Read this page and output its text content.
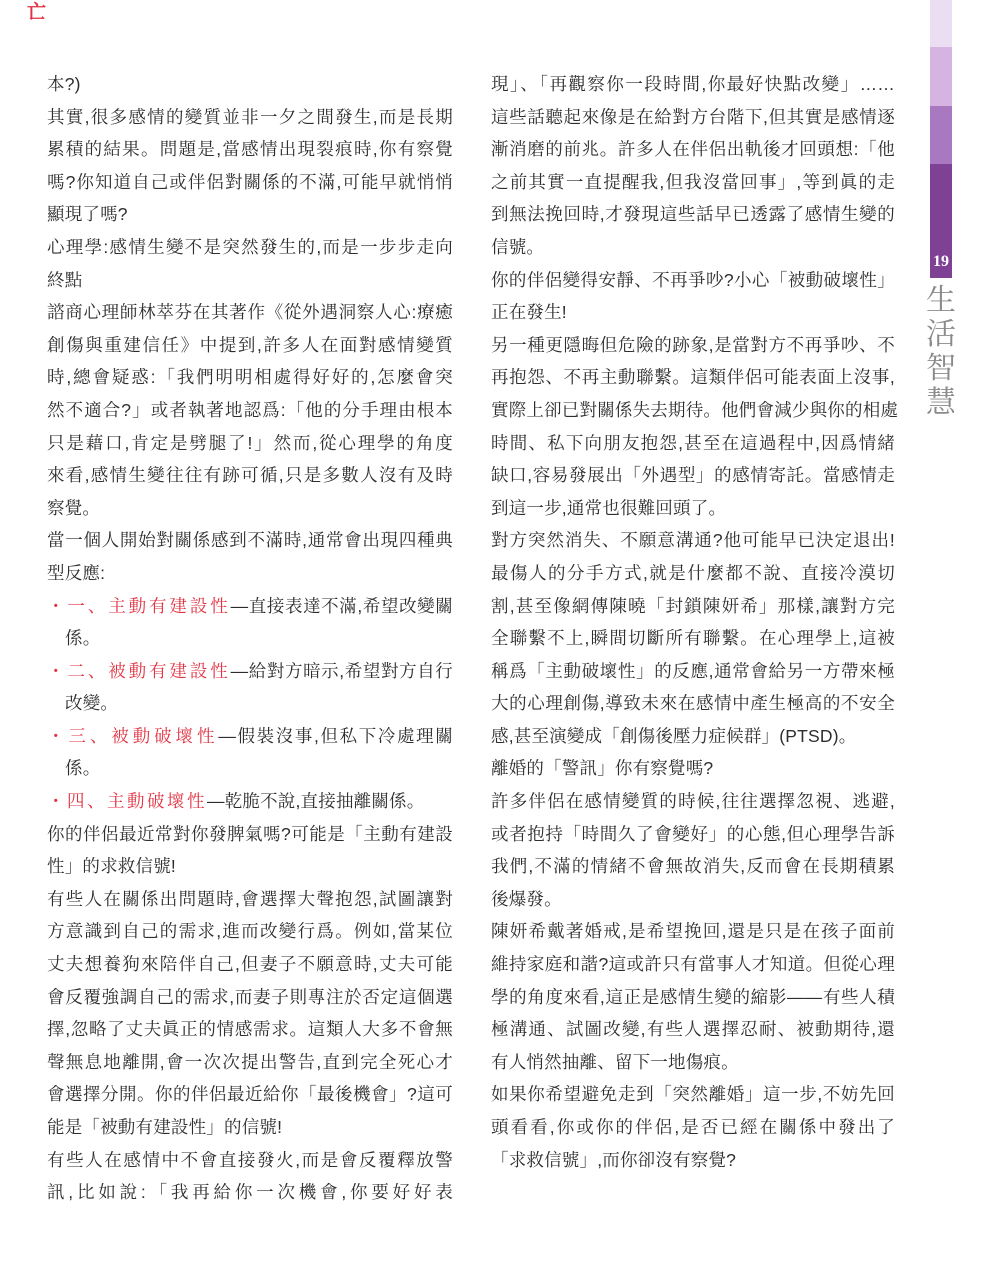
亡
本?)
其實,很多感情的變質並非一夕之間發生,而是長期
累積的結果。問題是,當感情出現裂痕時,你有察覺
嗎?你知道自己或伴侶對關係的不滿,可能早就悄悄
顯現了嗎?
心理學:感情生變不是突然發生的,而是一步步走向
終點
諮商心理師林萃芬在其著作《從外遇洞察人心:療癒
創傷與重建信任》中提到,許多人在面對感情變質
時,總會疑惑:「我們明明相處得好好的,怎麼會突
然不適合?」或者執著地認爲:「他的分手理由根本
只是藉口,肯定是劈腿了!」然而,從心理學的角度
來看,感情生變往往有跡可循,只是多數人沒有及時
察覺。
當一個人開始對關係感到不滿時,通常會出現四種典
型反應:
・一、主動有建設性—直接表達不滿,希望改變關
係。
・二、被動有建設性—給對方暗示,希望對方自行
改變。
・三、被動破壞性—假裝沒事,但私下冷處理關
係。
・四、主動破壞性—乾脆不說,直接抽離關係。
你的伴侶最近常對你發脾氣嗎?可能是「主動有建設
性」的求救信號!
有些人在關係出問題時,會選擇大聲抱怨,試圖讓對
方意識到自己的需求,進而改變行爲。例如,當某位
丈夫想養狗來陪伴自己,但妻子不願意時,丈夫可能
會反覆強調自己的需求,而妻子則專注於否定這個選
擇,忽略了丈夫眞正的情感需求。這類人大多不會無
聲無息地離開,會一次次提出警告,直到完全死心才
會選擇分開。你的伴侶最近給你「最後機會」?這可
能是「被動有建設性」的信號!
有些人在感情中不會直接發火,而是會反覆釋放警
訊,比如說:「我再給你一次機會,你要好好表
現」、「再觀察你一段時間,你最好快點改變」……
這些話聽起來像是在給對方台階下,但其實是感情逐
漸消磨的前兆。許多人在伴侶出軌後才回頭想:「他
之前其實一直提醒我,但我沒當回事」,等到眞的走
到無法挽回時,才發現這些話早已透露了感情生變的
信號。
你的伴侶變得安靜、不再爭吵?小心「被動破壞性」
正在發生!
另一種更隱晦但危險的跡象,是當對方不再爭吵、不
再抱怨、不再主動聯繫。這類伴侶可能表面上沒事,
實際上卻已對關係失去期待。他們會減少與你的相處
時間、私下向朋友抱怨,甚至在這過程中,因爲情緒
缺口,容易發展出「外遇型」的感情寄託。當感情走
到這一步,通常也很難回頭了。
對方突然消失、不願意溝通?他可能早已決定退出!
最傷人的分手方式,就是什麼都不說、直接冷漠切
割,甚至像網傳陳曉「封鎖陳妍希」那樣,讓對方完
全聯繫不上,瞬間切斷所有聯繫。在心理學上,這被
稱爲「主動破壞性」的反應,通常會給另一方帶來極
大的心理創傷,導致未來在感情中產生極高的不安全
感,甚至演變成「創傷後壓力症候群」(PTSD)。
離婚的「警訊」你有察覺嗎?
許多伴侶在感情變質的時候,往往選擇忽視、逃避,
或者抱持「時間久了會變好」的心態,但心理學告訴
我們,不滿的情緒不會無故消失,反而會在長期積累
後爆發。
陳妍希戴著婚戒,是希望挽回,還是只是在孩子面前
維持家庭和諧?這或許只有當事人才知道。但從心理
學的角度來看,這正是感情生變的縮影——有些人積
極溝通、試圖改變,有些人選擇忍耐、被動期待,還
有人悄然抽離、留下一地傷痕。
如果你希望避免走到「突然離婚」這一步,不妨先回
頭看看,你或你的伴侶,是否已經在關係中發出了
「求救信號」,而你卻沒有察覺?
19
生
活
智
慧
